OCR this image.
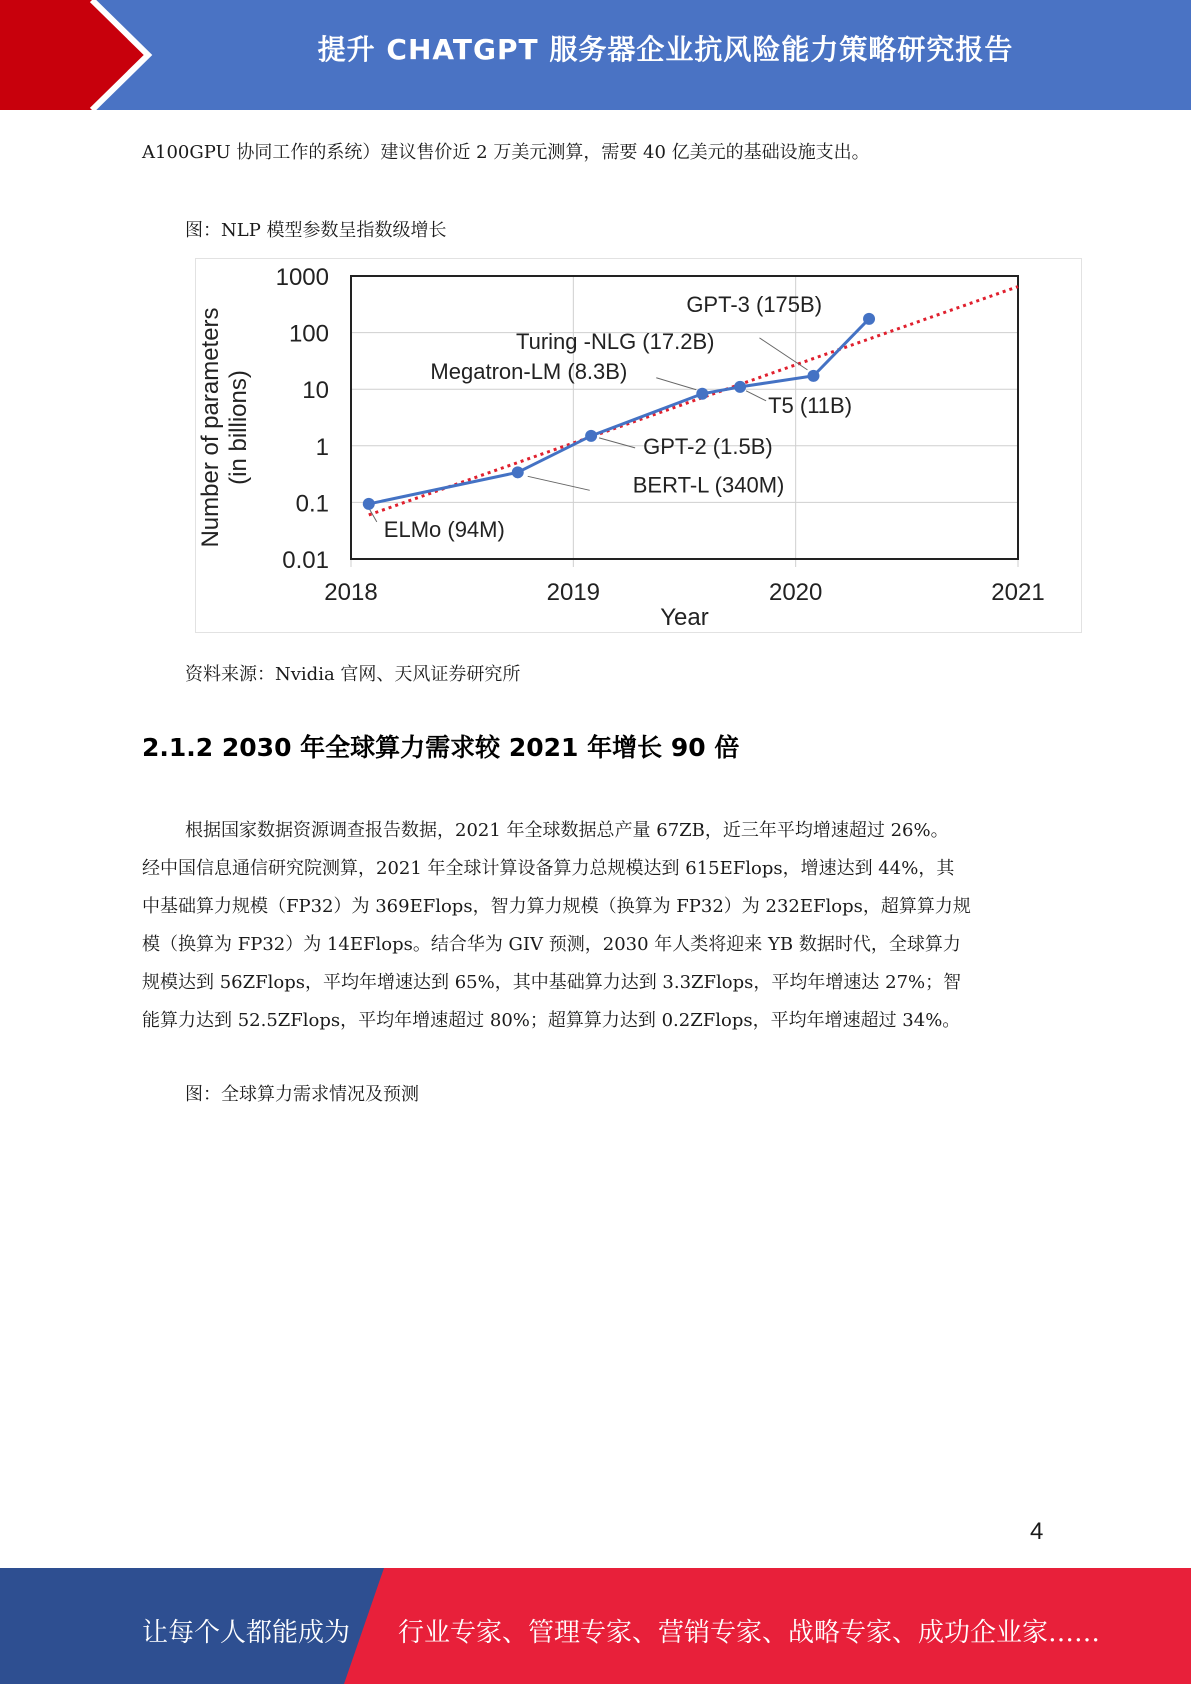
提升 CHATGPT 服务器企业抗风险能力策略研究报告

A100GPU 协同工作的系统）建议售价近 2 万美元测算，需要 40 亿美元的基础设施支出。

图：NLP 模型参数呈指数级增长
0.01
0.1
1
10
100
1000
2018	2019	2020	2021
Year
Number of parameters (in billions)
ELMo (94M)
BERT-L (340M)
GPT-2 (1.5B)
Megatron-LM (8.3B)
T5 (11B)
Turing -NLG (17.2B)
GPT-3 (175B)
资料来源：Nvidia 官网、天风证券研究所
2.1.2 2030 年全球算力需求较 2021 年增长 90 倍
根据国家数据资源调查报告数据，2021 年全球数据总产量 67ZB，近三年平均增速超过 26%。
经中国信息通信研究院测算，2021 年全球计算设备算力总规模达到 615EFlops，增速达到 44%，其
中基础算力规模（FP32）为 369EFlops，智力算力规模（换算为 FP32）为 232EFlops，超算算力规
模（换算为 FP32）为 14EFlops。结合华为 GIV 预测，2030 年人类将迎来 YB 数据时代，全球算力
规模达到 56ZFlops，平均年增速达到 65%，其中基础算力达到 3.3ZFlops，平均年增速达 27%；智
能算力达到 52.5ZFlops，平均年增速超过 80%；超算算力达到 0.2ZFlops，平均年增速超过 34%。
图：全球算力需求情况及预测
4
让每个人都能成为 行业专家、管理专家、营销专家、战略专家、成功企业家……
